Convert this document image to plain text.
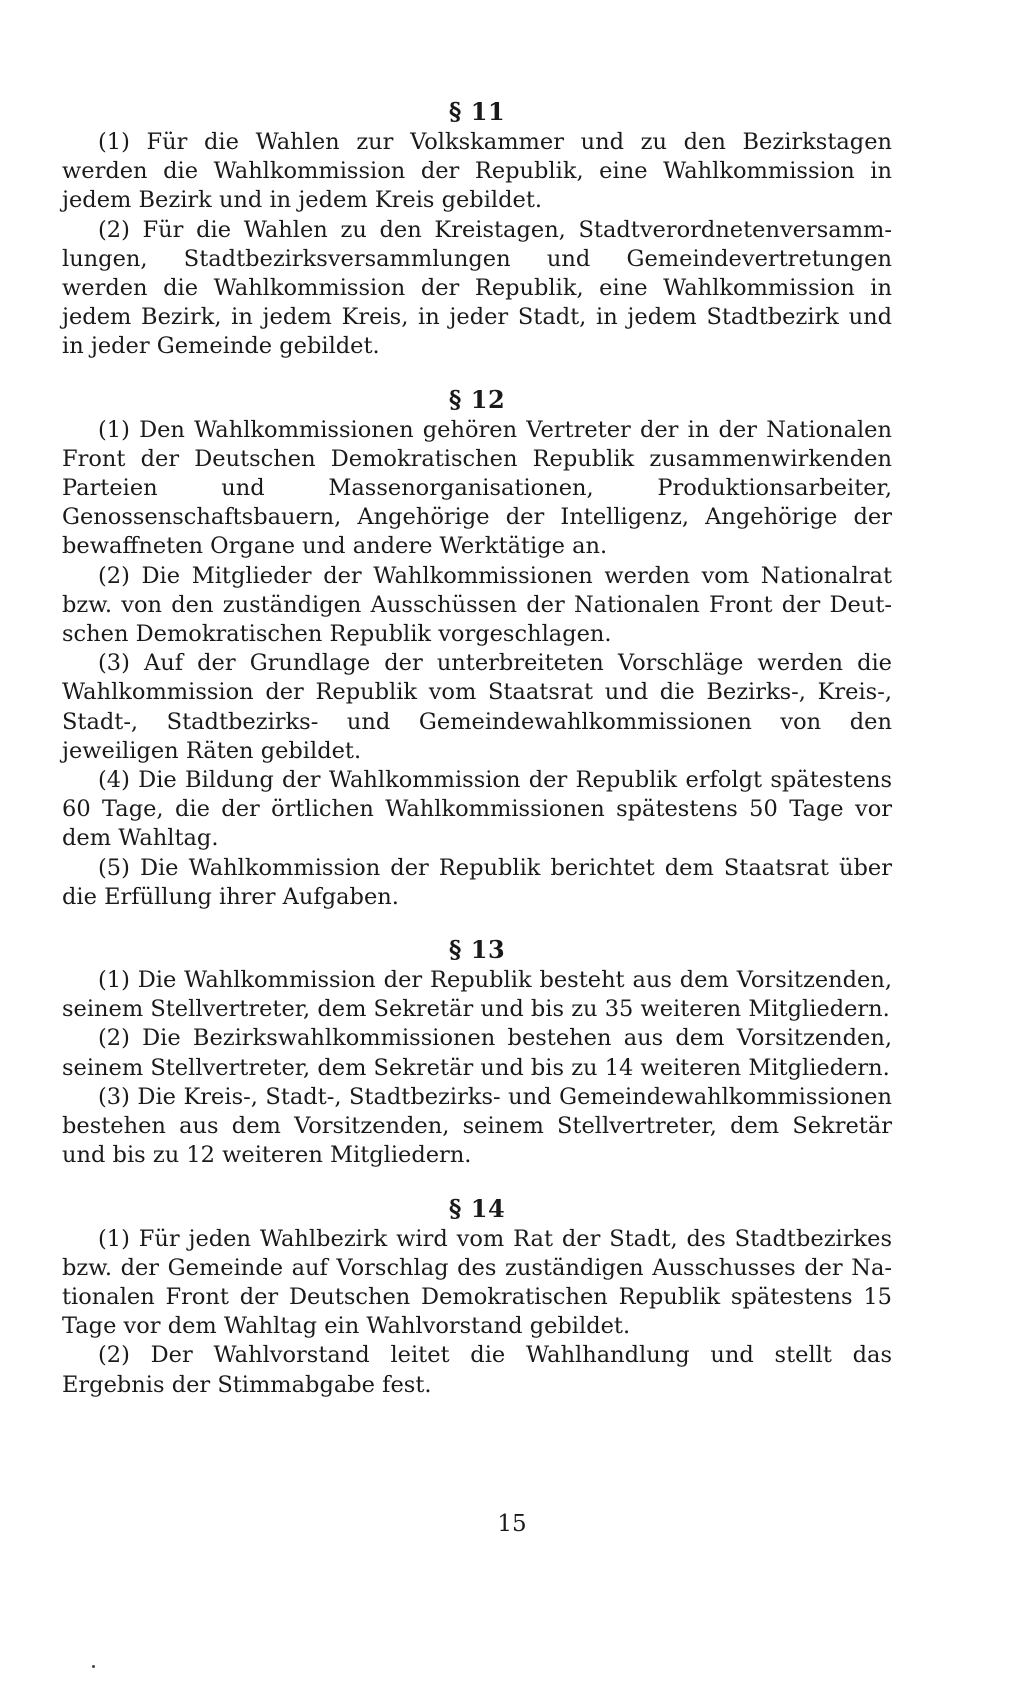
§ 11

(1) Für die Wahlen zur Volkskammer und zu den Bezirkstagen werden die Wahlkommission der Republik, eine Wahlkommission in jedem Bezirk und in jedem Kreis gebildet.

(2) Für die Wahlen zu den Kreistagen, Stadtverordnetenversammlungen, Stadtbezirksversammlungen und Gemeindevertretungen werden die Wahlkommission der Republik, eine Wahlkommission in jedem Bezirk, in jedem Kreis, in jeder Stadt, in jedem Stadtbezirk und in jeder Gemeinde gebildet.

§ 12

(1) Den Wahlkommissionen gehören Vertreter der in der Nationalen Front der Deutschen Demokratischen Republik zusammenwirkenden Parteien und Massenorganisationen, Produktionsarbeiter, Genossenschaftsbauern, Angehörige der Intelligenz, Angehörige der bewaffneten Organe und andere Werktätige an.

(2) Die Mitglieder der Wahlkommissionen werden vom Nationalrat bzw. von den zuständigen Ausschüssen der Nationalen Front der Deutschen Demokratischen Republik vorgeschlagen.

(3) Auf der Grundlage der unterbreiteten Vorschläge werden die Wahlkommission der Republik vom Staatsrat und die Bezirks-, Kreis-, Stadt-, Stadtbezirks- und Gemeindewahlkommissionen von den jeweiligen Räten gebildet.

(4) Die Bildung der Wahlkommission der Republik erfolgt spätestens 60 Tage, die der örtlichen Wahlkommissionen spätestens 50 Tage vor dem Wahltag.

(5) Die Wahlkommission der Republik berichtet dem Staatsrat über die Erfüllung ihrer Aufgaben.

§ 13

(1) Die Wahlkommission der Republik besteht aus dem Vorsitzenden, seinem Stellvertreter, dem Sekretär und bis zu 35 weiteren Mitgliedern.

(2) Die Bezirkswahlkommissionen bestehen aus dem Vorsitzenden, seinem Stellvertreter, dem Sekretär und bis zu 14 weiteren Mitgliedern.

(3) Die Kreis-, Stadt-, Stadtbezirks- und Gemeindewahlkommissionen bestehen aus dem Vorsitzenden, seinem Stellvertreter, dem Sekretär und bis zu 12 weiteren Mitgliedern.

§ 14

(1) Für jeden Wahlbezirk wird vom Rat der Stadt, des Stadtbezirkes bzw. der Gemeinde auf Vorschlag des zuständigen Ausschusses der Nationalen Front der Deutschen Demokratischen Republik spätestens 15 Tage vor dem Wahltag ein Wahlvorstand gebildet.

(2) Der Wahlvorstand leitet die Wahlhandlung und stellt das Ergebnis der Stimmabgabe fest.

15
